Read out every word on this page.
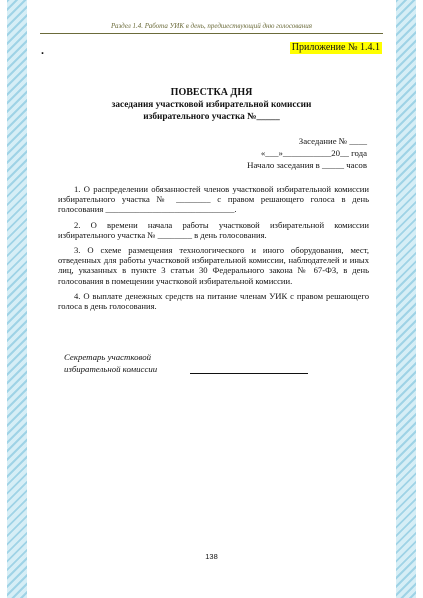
Раздел 1.4. Работа УИК в день, предшествующий дню голосования
.	Приложение № 1.4.1
ПОВЕСТКА ДНЯ
заседания участковой избирательной комиссии
избирательного участка №_____
Заседание № ____
«___»___________20__ года
Начало заседания в _____ часов

1. О распределении обязанностей членов участковой избирательной комиссии избирательного участка № ________ с правом решающего голоса в день голосования ______________________________.

2. О времени начала работы участковой избирательной комиссии избирательного участка № ________ в день голосования.

3. О схеме размещения технологического и иного оборудования, мест, отведенных для работы участковой избирательной комиссии, наблюдателей и иных лиц, указанных в пункте 3 статьи 30 Федерального закона № 67-ФЗ, в день голосования в помещении участковой избирательной комиссии.

4. О выплате денежных средств на питание членам УИК с правом решающего голоса в день голосования.

Секретарь участковой
избирательной комиссии
138
